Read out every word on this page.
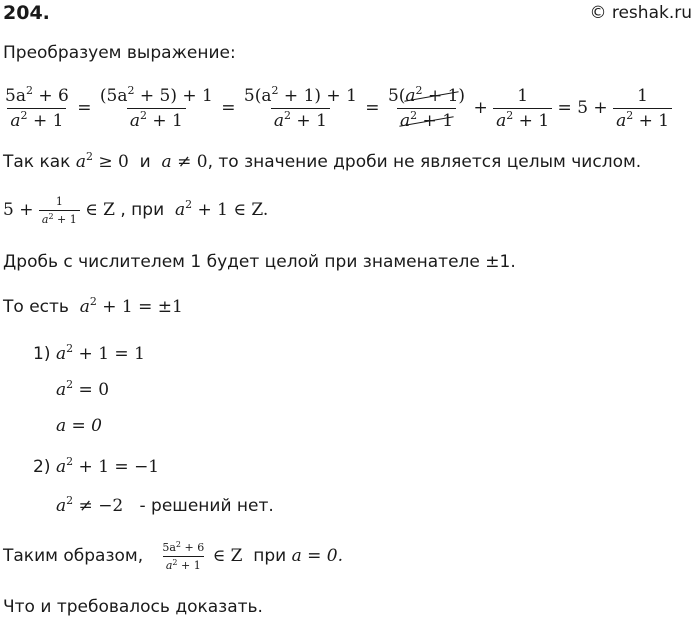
204.	© reshak.ru
Преобразуем выражение:
$\frac{5a^2 + 6}{a^2 + 1} = \frac{(5a^2 + 5) + 1}{a^2 + 1} = \frac{5(a^2 + 1) + 1}{a^2 + 1} = \frac{5(a^2 + 1)}{a^2 + 1} + \frac{1}{a^2 + 1} = 5 + \frac{1}{a^2 + 1}$
Так как $a^2 \ge 0$ и a ≠ 0, то значение дроби не является целым числом.
$5 + \frac{1}{a^2 + 1}$ ∈ Z , при $a^2 + 1$ ∈ Z.
Дробь с числителем 1 будет целой при знаменателе ±1.
То есть $a^2 + 1 = \pm 1$
1) $a^2 + 1 = 1$
$a^2 = 0$
a = 0
2) $a^2 + 1 = -1$
$a^2 \ne -2$ - решений нет.
Таким образом, $\frac{5a^2 + 6}{a^2 + 1}$ ∈ Z при a = 0.
Что и требовалось доказать.
